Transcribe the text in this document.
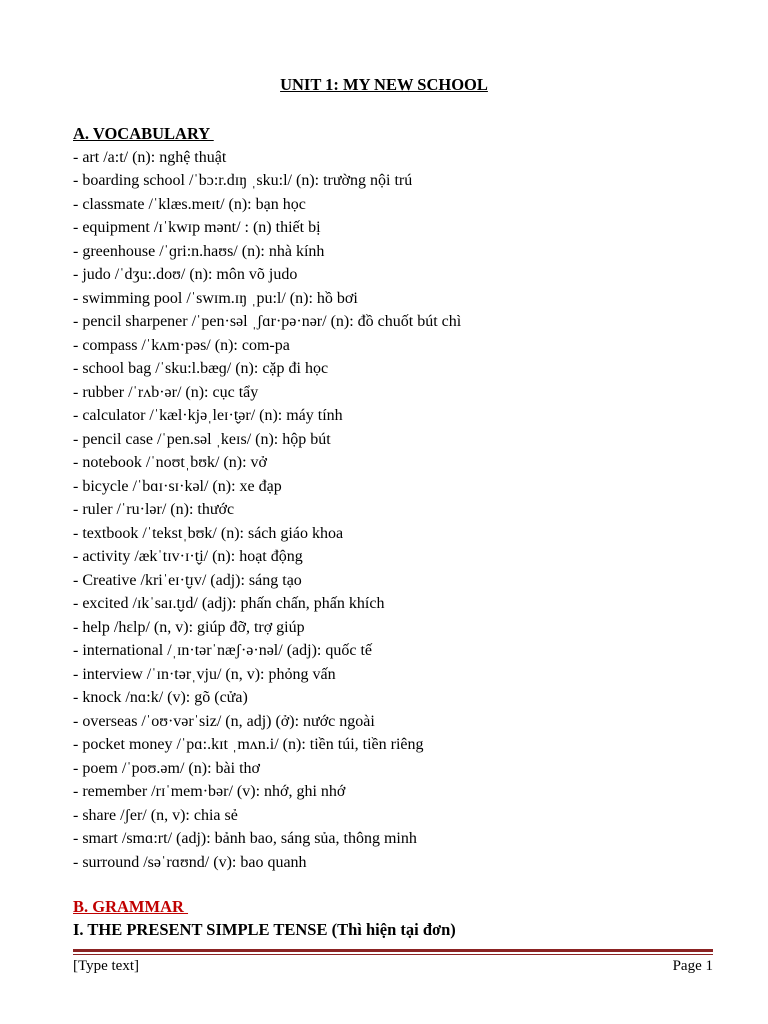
UNIT 1: MY NEW SCHOOL
A. VOCABULARY
- art /a:t/ (n): nghệ thuật
- boarding school /ˈbɔ:r.dɪŋ ˌsku:l/ (n): trường nội trú
- classmate /ˈklæs.meɪt/ (n): bạn học
- equipment /ɪˈkwɪp mənt/ : (n) thiết bị
- greenhouse /ˈɡri:n.haʊs/ (n): nhà kính
- judo /ˈdʒu:.doʊ/ (n): môn võ judo
- swimming pool /ˈswɪm.ɪŋ ˌpu:l/ (n): hồ bơi
- pencil sharpener /ˈpen·səl ˌʃɑr·pə·nər/ (n): đồ chuốt bút chì
- compass /ˈkʌm·pəs/ (n): com-pa
- school bag /ˈsku:l.bæɡ/ (n): cặp đi học
- rubber /ˈrʌb·ər/ (n): cục tẩy
- calculator /ˈkæl·kjəˌleɪ·t̬ər/ (n): máy tính
- pencil case /ˈpen.səl ˌkeɪs/ (n): hộp bút
- notebook /ˈnoʊtˌbʊk/ (n): vở
- bicycle /ˈbɑɪ·sɪ·kəl/ (n): xe đạp
- ruler /ˈru·lər/ (n): thước
- textbook /ˈtekstˌbʊk/ (n): sách giáo khoa
- activity /ækˈtɪv·ɪ·t̬i/ (n): hoạt động
- Creative /kriˈeɪ·t̬ɪv/ (adj): sáng tạo
- excited /ɪkˈsaɪ.t̬ɪd/ (adj): phấn chấn, phấn khích
- help /hɛlp/ (n, v): giúp đỡ, trợ giúp
- international /ˌɪn·tərˈnæʃ·ə·nəl/ (adj): quốc tế
- interview /ˈɪn·tərˌvju/ (n, v): phỏng vấn
- knock /nɑ:k/ (v): gõ (cửa)
- overseas /ˈoʊ·vərˈsiz/ (n, adj) (ở): nước ngoài
- pocket money /ˈpɑ:.kɪt ˌmʌn.i/ (n): tiền túi, tiền riêng
- poem /ˈpoʊ.əm/ (n): bài thơ
- remember /rɪˈmem·bər/ (v): nhớ, ghi nhớ
- share /ʃer/ (n, v): chia sẻ
- smart /smɑ:rt/ (adj): bảnh bao, sáng sủa, thông minh
- surround /səˈrɑʊnd/ (v): bao quanh
B. GRAMMAR
I. THE PRESENT SIMPLE TENSE (Thì hiện tại đơn)
[Type text]	Page 1
